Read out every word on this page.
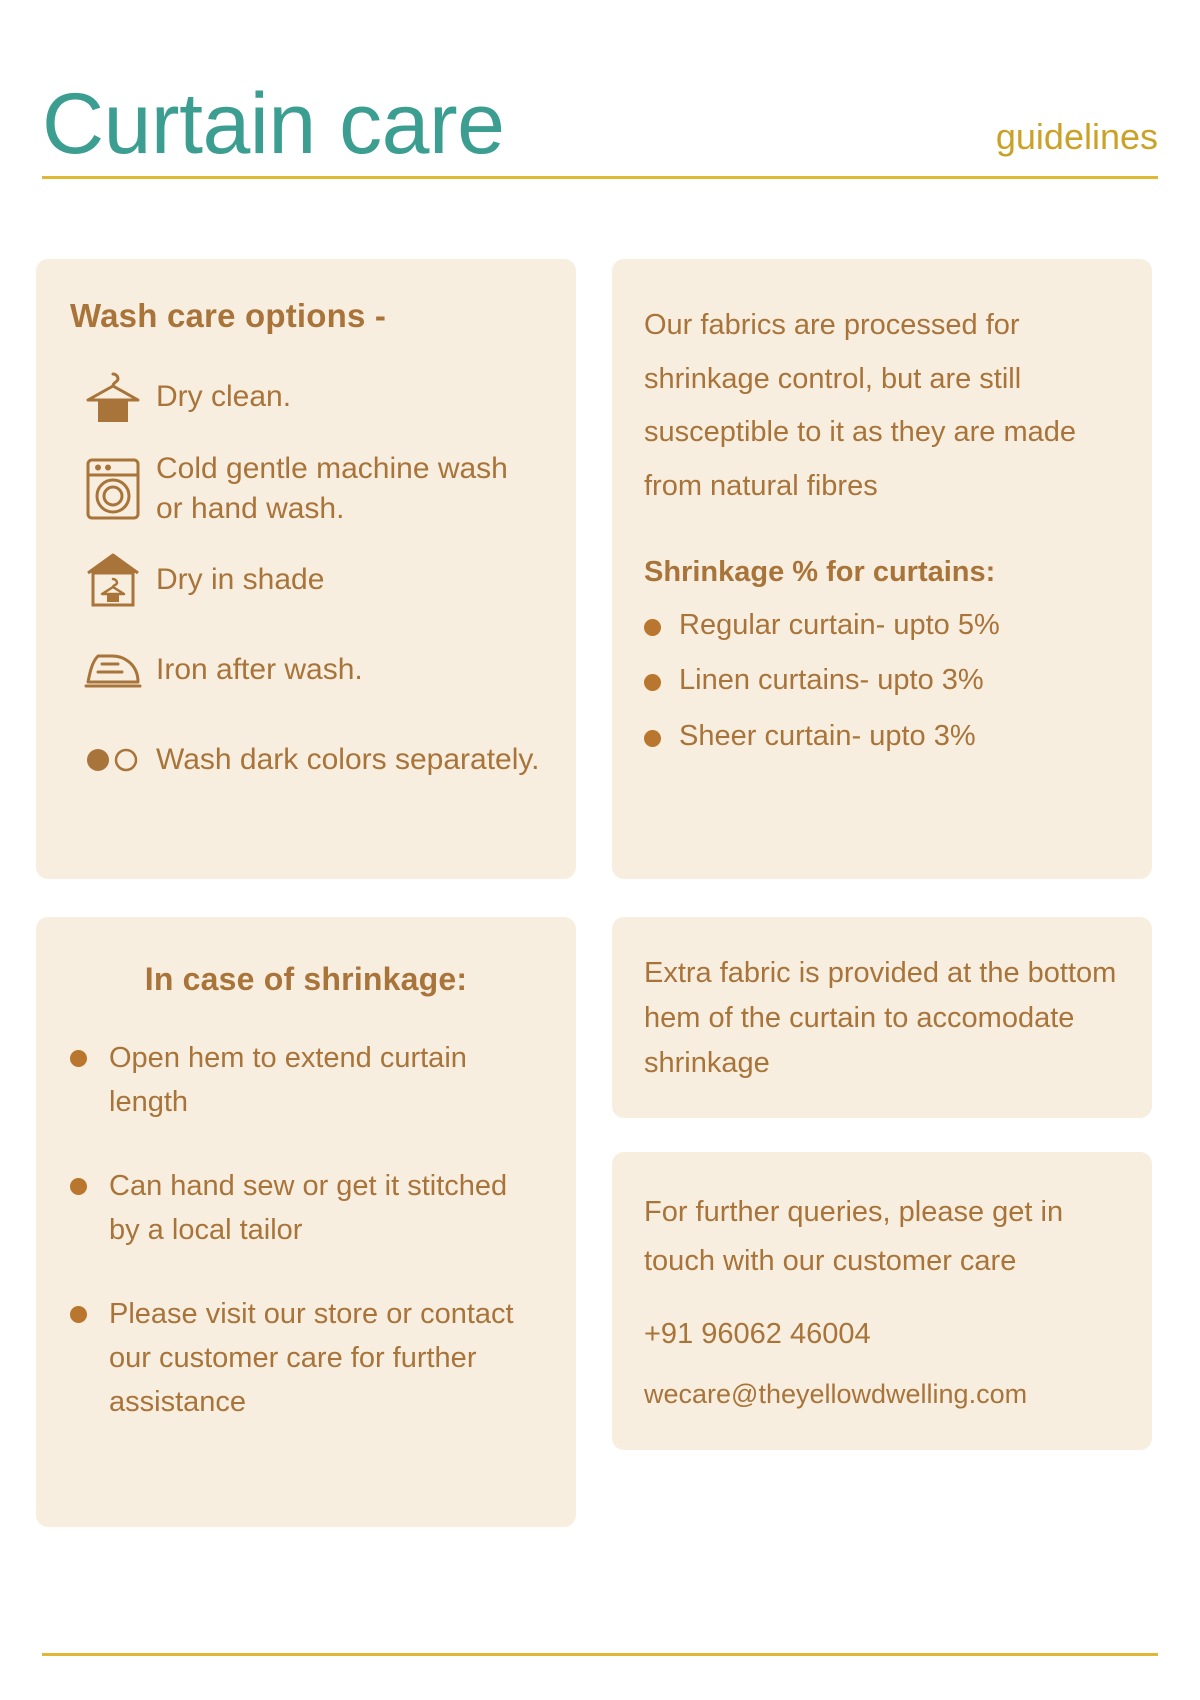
Curtain care	guidelines
Wash care options -
Dry clean.
Cold gentle machine wash or hand wash.
Dry in shade
Iron after wash.
Wash dark colors separately.
In case of shrinkage:
Open hem to extend curtain length
Can hand sew or get it stitched by a local tailor
Please visit our store or contact our customer care for further assistance

Our fabrics are processed for shrinkage control, but are still susceptible to it as they are made from natural fibres

Shrinkage % for curtains:
Regular curtain- upto 5%
Linen curtains- upto 3%
Sheer curtain- upto 3%

Extra fabric is provided at the bottom hem of the curtain to accomodate shrinkage

For further queries, please get in touch with our customer care

+91 96062 46004
wecare@theyellowdwelling.com
